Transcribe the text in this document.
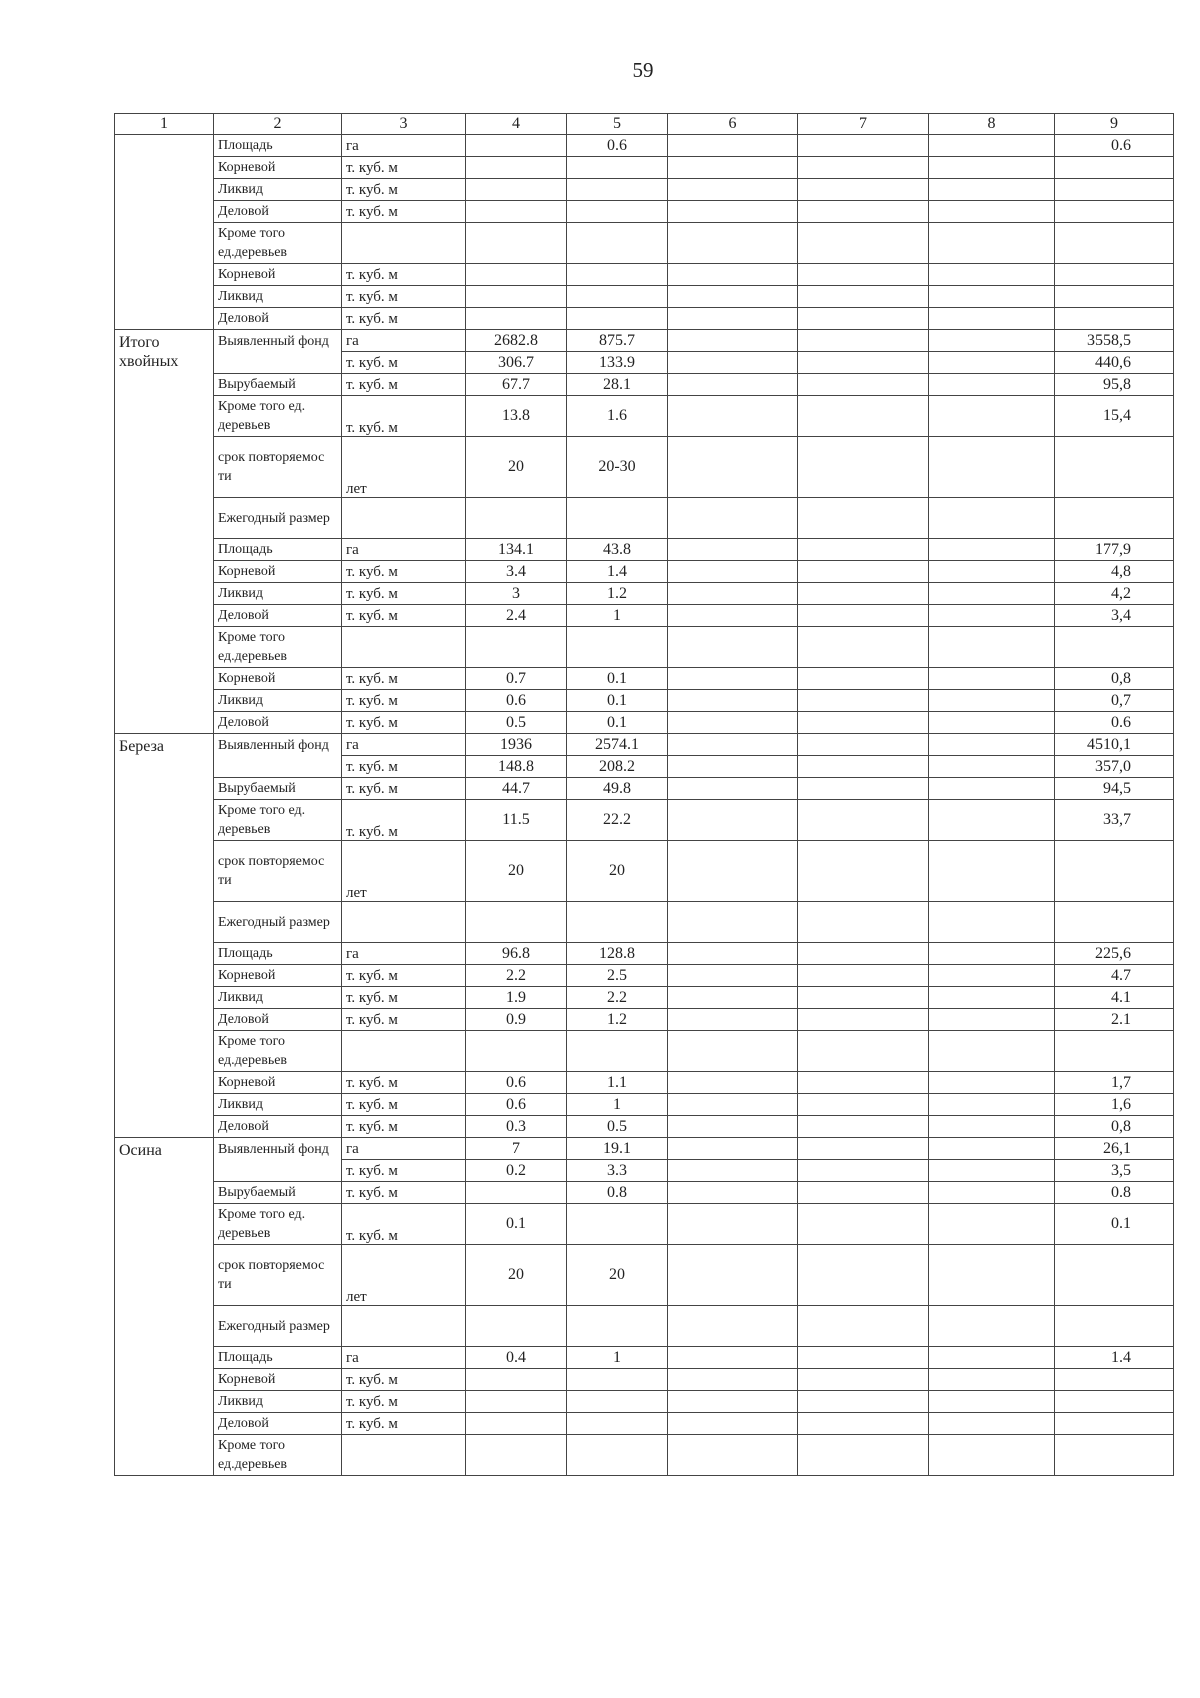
59
1	2	3	4	5	6	7	8	9
	Площадь	га		0.6				0.6
	Корневой	т. куб. м						
	Ликвид	т. куб. м						
	Деловой	т. куб. м						
	Кроме того ед.деревьев							
	Корневой	т. куб. м						
	Ликвид	т. куб. м						
	Деловой	т. куб. м						
Итого хвойных	Выявленный фонд	га	2682.8	875.7				3558,5
		т. куб. м	306.7	133.9				440,6
	Вырубаемый	т. куб. м	67.7	28.1				95,8
	Кроме того ед. деревьев	т. куб. м	13.8	1.6				15,4
	срок повторяемос ти	лет	20	20-30				
	Ежегодный размер							
	Площадь	га	134.1	43.8				177,9
	Корневой	т. куб. м	3.4	1.4				4,8
	Ликвид	т. куб. м	3	1.2				4,2
	Деловой	т. куб. м	2.4	1				3,4
	Кроме того ед.деревьев							
	Корневой	т. куб. м	0.7	0.1				0,8
	Ликвид	т. куб. м	0.6	0.1				0,7
	Деловой	т. куб. м	0.5	0.1				0.6
Береза	Выявленный фонд	га	1936	2574.1				4510,1
		т. куб. м	148.8	208.2				357,0
	Вырубаемый	т. куб. м	44.7	49.8				94,5
	Кроме того ед. деревьев	т. куб. м	11.5	22.2				33,7
	срок повторяемос ти	лет	20	20				
	Ежегодный размер							
	Площадь	га	96.8	128.8				225,6
	Корневой	т. куб. м	2.2	2.5				4.7
	Ликвид	т. куб. м	1.9	2.2				4.1
	Деловой	т. куб. м	0.9	1.2				2.1
	Кроме того ед.деревьев							
	Корневой	т. куб. м	0.6	1.1				1,7
	Ликвид	т. куб. м	0.6	1				1,6
	Деловой	т. куб. м	0.3	0.5				0,8
Осина	Выявленный фонд	га	7	19.1				26,1
		т. куб. м	0.2	3.3				3,5
	Вырубаемый	т. куб. м		0.8				0.8
	Кроме того ед. деревьев	т. куб. м	0.1					0.1
	срок повторяемос ти	лет	20	20				
	Ежегодный размер							
	Площадь	га	0.4	1				1.4
	Корневой	т. куб. м						
	Ликвид	т. куб. м						
	Деловой	т. куб. м						
	Кроме того ед.деревьев							
